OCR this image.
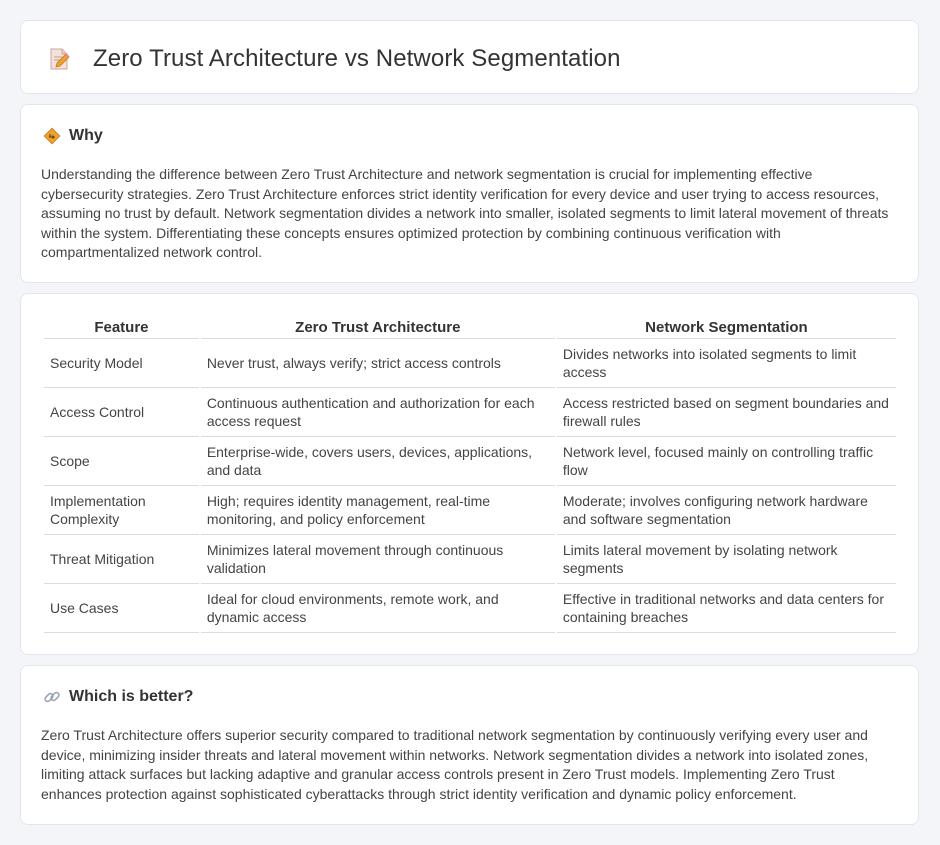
Zero Trust Architecture vs Network Segmentation
Why

Understanding the difference between Zero Trust Architecture and network segmentation is crucial for implementing effective cybersecurity strategies. Zero Trust Architecture enforces strict identity verification for every device and user trying to access resources, assuming no trust by default. Network segmentation divides a network into smaller, isolated segments to limit lateral movement of threats within the system. Differentiating these concepts ensures optimized protection by combining continuous verification with compartmentalized network control.

Feature	Zero Trust Architecture	Network Segmentation
Security Model	Never trust, always verify; strict access controls	Divides networks into isolated segments to limit access
Access Control	Continuous authentication and authorization for each access request	Access restricted based on segment boundaries and firewall rules
Scope	Enterprise-wide, covers users, devices, applications, and data	Network level, focused mainly on controlling traffic flow
Implementation Complexity	High; requires identity management, real-time monitoring, and policy enforcement	Moderate; involves configuring network hardware and software segmentation
Threat Mitigation	Minimizes lateral movement through continuous validation	Limits lateral movement by isolating network segments
Use Cases	Ideal for cloud environments, remote work, and dynamic access	Effective in traditional networks and data centers for containing breaches
Which is better?

Zero Trust Architecture offers superior security compared to traditional network segmentation by continuously verifying every user and device, minimizing insider threats and lateral movement within networks. Network segmentation divides a network into isolated zones, limiting attack surfaces but lacking adaptive and granular access controls present in Zero Trust models. Implementing Zero Trust enhances protection against sophisticated cyberattacks through strict identity verification and dynamic policy enforcement.
